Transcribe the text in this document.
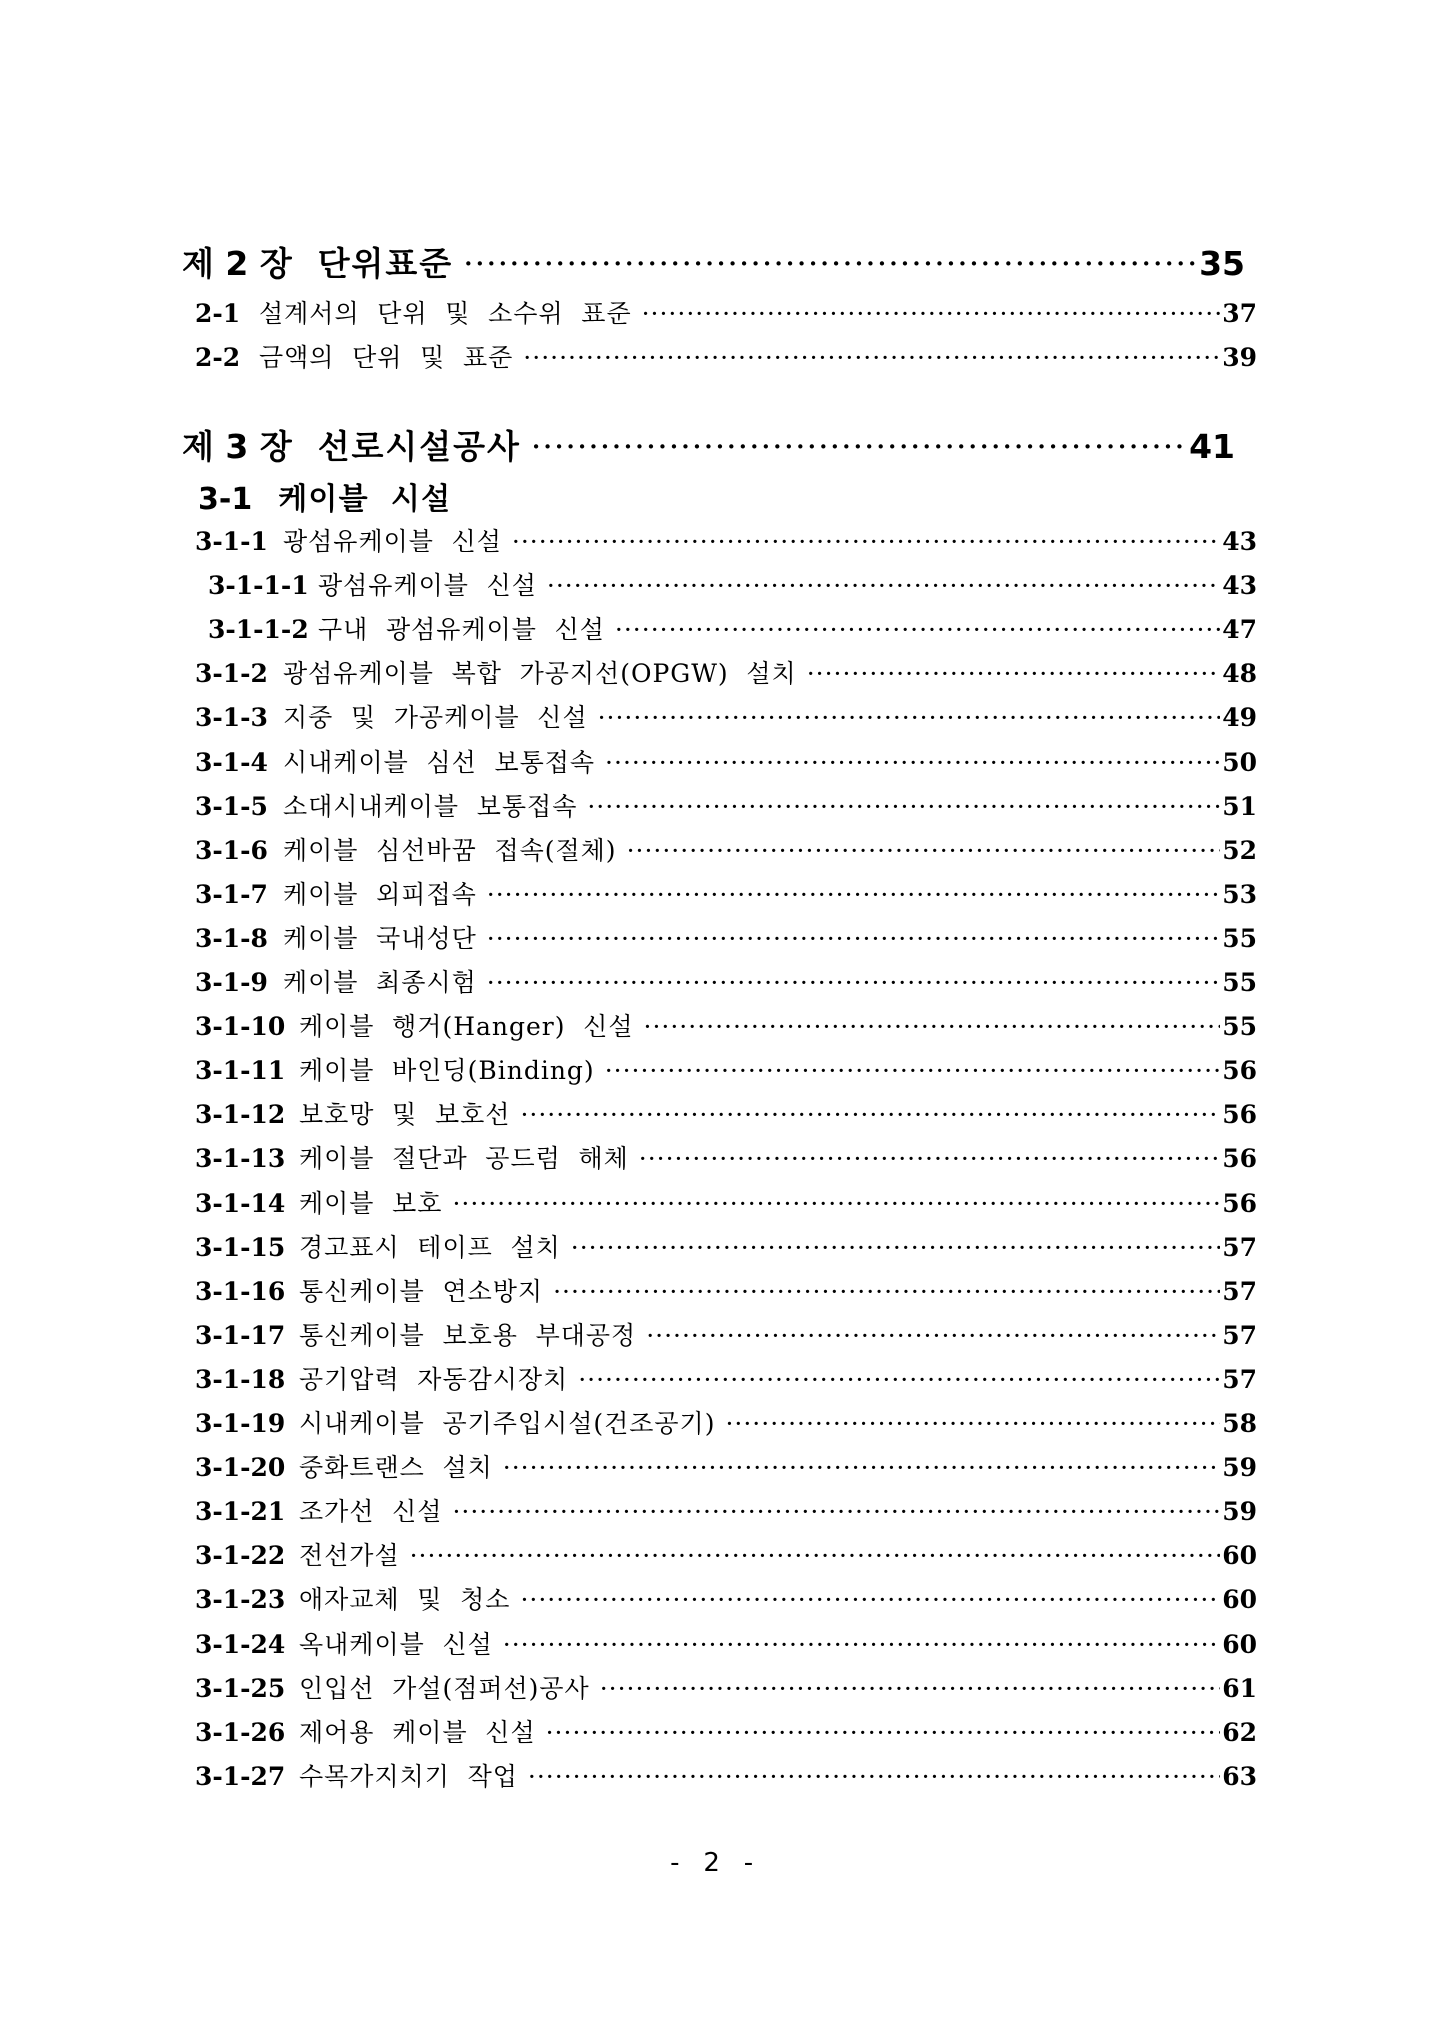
제 2 장 단위표준 ·····	35
2-1 설계서의 단위 및 소수위 표준 ·····	37
2-2 금액의 단위 및 표준 ·····	39
제 3 장 선로시설공사 ·····	41
3-1 케이블 시설
3-1-1 광섬유케이블 신설 ·····	43
3-1-1-1 광섬유케이블 신설 ·····	43
3-1-1-2 구내 광섬유케이블 신설 ·····	47
3-1-2 광섬유케이블 복합 가공지선(OPGW) 설치 ·····	48
3-1-3 지중 및 가공케이블 신설 ·····	49
3-1-4 시내케이블 심선 보통접속 ·····	50
3-1-5 소대시내케이블 보통접속 ·····	51
3-1-6 케이블 심선바꿈 접속(절체) ·····	52
3-1-7 케이블 외피접속 ·····	53
3-1-8 케이블 국내성단 ·····	55
3-1-9 케이블 최종시험 ·····	55
3-1-10 케이블 행거(Hanger) 신설 ·····	55
3-1-11 케이블 바인딩(Binding) ·····	56
3-1-12 보호망 및 보호선 ·····	56
3-1-13 케이블 절단과 공드럼 해체 ·····	56
3-1-14 케이블 보호 ·····	56
3-1-15 경고표시 테이프 설치 ·····	57
3-1-16 통신케이블 연소방지 ·····	57
3-1-17 통신케이블 보호용 부대공정 ·····	57
3-1-18 공기압력 자동감시장치 ·····	57
3-1-19 시내케이블 공기주입시설(건조공기) ·····	58
3-1-20 중화트랜스 설치 ·····	59
3-1-21 조가선 신설 ·····	59
3-1-22 전선가설 ·····	60
3-1-23 애자교체 및 청소 ·····	60
3-1-24 옥내케이블 신설 ·····	60
3-1-25 인입선 가설(점퍼선)공사 ·····	61
3-1-26 제어용 케이블 신설 ·····	62
3-1-27 수목가지치기 작업 ·····	63
- 2 -
